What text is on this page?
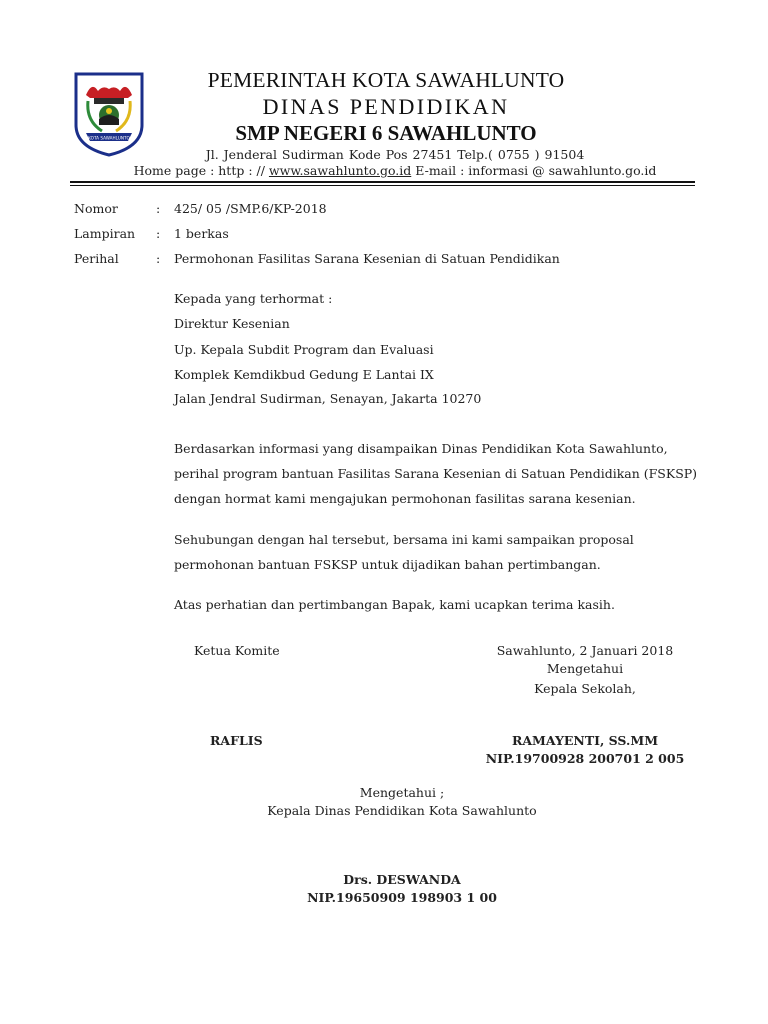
KOTA SAWAHLUNTO
PEMERINTAH KOTA SAWAHLUNTO
DINAS PENDIDIKAN
SMP NEGERI 6 SAWAHLUNTO
Jl. Jenderal Sudirman Kode Pos 27451 Telp.( 0755 ) 91504
Home page : http : // www.sawahlunto.go.id E-mail : informasi @ sawahlunto.go.id
Nomor	: 425/ 05 /SMP.6/KP-2018
Lampiran : 1 berkas
Perihal	: Permohonan Fasilitas Sarana Kesenian di Satuan Pendidikan
Kepada yang terhormat :
Direktur Kesenian
Up. Kepala Subdit Program dan Evaluasi
Komplek Kemdikbud Gedung E Lantai IX
Jalan Jendral Sudirman, Senayan, Jakarta 10270
Berdasarkan informasi yang disampaikan Dinas Pendidikan Kota Sawahlunto,
perihal program bantuan Fasilitas Sarana Kesenian di Satuan Pendidikan (FSKSP)
dengan hormat kami mengajukan permohonan fasilitas sarana kesenian.
Sehubungan dengan hal tersebut, bersama ini kami sampaikan proposal
permohonan bantuan FSKSP untuk dijadikan bahan pertimbangan.
Atas perhatian dan pertimbangan Bapak, kami ucapkan terima kasih.
Ketua Komite	Sawahlunto, 2 Januari 2018
Mengetahui
Kepala Sekolah,
RAFLIS	RAMAYENTI, SS.MM
NIP.19700928 200701 2 005
Mengetahui ;
Kepala Dinas Pendidikan Kota Sawahlunto
Drs. DESWANDA
NIP.19650909 198903 1 00
